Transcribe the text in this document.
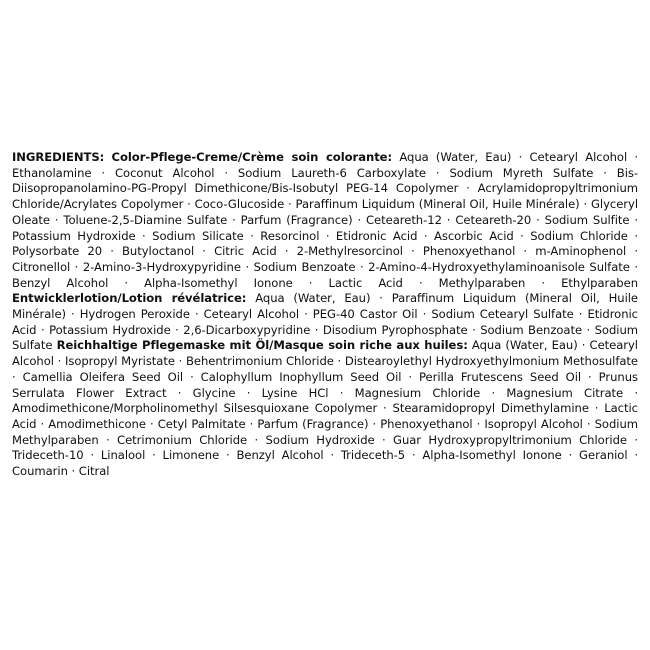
INGREDIENTS: Color-Pflege-Creme/Crème soin colorante: Aqua (Water, Eau) · Cetearyl Alcohol · Ethanolamine · Coconut Alcohol · Sodium Laureth-6 Carboxylate · Sodium Myreth Sulfate · Bis-Diisopropanolamino-PG-Propyl Dimethicone/Bis-Isobutyl PEG-14 Copolymer · Acrylamidopropyltrimonium Chloride/Acrylates Copolymer · Coco-Glucoside · Paraffinum Liquidum (Mineral Oil, Huile Minérale) · Glyceryl Oleate · Toluene-2,5-Diamine Sulfate · Parfum (Fragrance) · Ceteareth-12 · Ceteareth-20 · Sodium Sulfite · Potassium Hydroxide · Sodium Silicate · Resorcinol · Etidronic Acid · Ascorbic Acid · Sodium Chloride · Polysorbate 20 · Butyloctanol · Citric Acid · 2-Methylresorcinol · Phenoxyethanol · m-Aminophenol · Citronellol · 2-Amino-3-Hydroxypyridine · Sodium Benzoate · 2-Amino-4-Hydroxyethylaminoanisole Sulfate · Benzyl Alcohol · Alpha-Isomethyl Ionone · Lactic Acid · Methylparaben · Ethylparaben Entwicklerlotion/Lotion révélatrice: Aqua (Water, Eau) · Paraffinum Liquidum (Mineral Oil, Huile Minérale) · Hydrogen Peroxide · Cetearyl Alcohol · PEG-40 Castor Oil · Sodium Cetearyl Sulfate · Etidronic Acid · Potassium Hydroxide · 2,6-Dicarboxypyridine · Disodium Pyrophosphate · Sodium Benzoate · Sodium Sulfate Reichhaltige Pflegemaske mit Öl/Masque soin riche aux huiles: Aqua (Water, Eau) · Cetearyl Alcohol · Isopropyl Myristate · Behentrimonium Chloride · Distearoylethyl Hydroxyethylmonium Methosulfate · Camellia Oleifera Seed Oil · Calophyllum Inophyllum Seed Oil · Perilla Frutescens Seed Oil · Prunus Serrulata Flower Extract · Glycine · Lysine HCl · Magnesium Chloride · Magnesium Citrate · Amodimethicone/Morpholinomethyl Silsesquioxane Copolymer · Stearamidopropyl Dimethylamine · Lactic Acid · Amodimethicone · Cetyl Palmitate · Parfum (Fragrance) · Phenoxyethanol · Isopropyl Alcohol · Sodium Methylparaben · Cetrimonium Chloride · Sodium Hydroxide · Guar Hydroxypropyltrimonium Chloride · Trideceth-10 · Linalool · Limonene · Benzyl Alcohol · Trideceth-5 · Alpha-Isomethyl Ionone · Geraniol · Coumarin · Citral
